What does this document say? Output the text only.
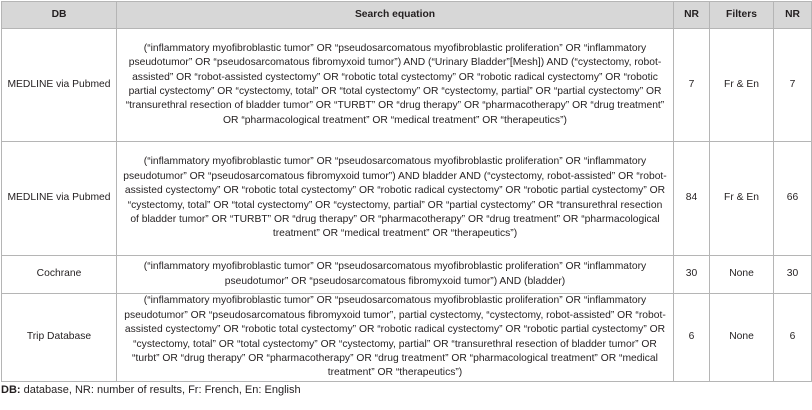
DB	Search equation	NR	Filters	NR
MEDLINE via Pubmed	(“inflammatory myofibroblastic tumor” OR “pseudosarcomatous myofibroblastic proliferation” OR “inflammatory pseudotumor” OR “pseudosarcomatous fibromyxoid tumor”) AND (“Urinary Bladder”[Mesh]) AND (“cystectomy, robot-assisted” OR “robot-assisted cystectomy” OR “robotic total cystectomy” OR “robotic radical cystectomy” OR “robotic partial cystectomy” OR “cystectomy, total” OR “total cystectomy” OR “cystectomy, partial” OR “partial cystectomy” OR “transurethral resection of bladder tumor” OR “TURBT” OR “drug therapy” OR “pharmacotherapy” OR “drug treatment” OR “pharmacological treatment” OR “medical treatment” OR “therapeutics”)	7	Fr & En	7
MEDLINE via Pubmed	(“inflammatory myofibroblastic tumor” OR “pseudosarcomatous myofibroblastic proliferation” OR “inflammatory pseudotumor” OR “pseudosarcomatous fibromyxoid tumor”) AND bladder AND (“cystectomy, robot-assisted” OR “robot-assisted cystectomy” OR “robotic total cystectomy” OR “robotic radical cystectomy” OR “robotic partial cystectomy” OR “cystectomy, total” OR “total cystectomy” OR “cystectomy, partial” OR “partial cystectomy” OR “transurethral resection of bladder tumor” OR “TURBT” OR “drug therapy” OR “pharmacotherapy” OR “drug treatment” OR “pharmacological treatment” OR “medical treatment” OR “therapeutics”)	84	Fr & En	66
Cochrane	(“inflammatory myofibroblastic tumor” OR “pseudosarcomatous myofibroblastic proliferation” OR “inflammatory pseudotumor” OR “pseudosarcomatous fibromyxoid tumor”) AND (bladder)	30	None	30
Trip Database	(“inflammatory myofibroblastic tumor” OR “pseudosarcomatous myofibroblastic proliferation” OR “inflammatory pseudotumor” OR “pseudosarcomatous fibromyxoid tumor”, partial cystectomy, “cystectomy, robot-assisted” OR “robot-assisted cystectomy” OR “robotic total cystectomy” OR “robotic radical cystectomy” OR “robotic partial cystectomy” OR “cystectomy, total” OR “total cystectomy” OR “cystectomy, partial” OR “transurethral resection of bladder tumor” OR “turbt” OR “drug therapy” OR “pharmacotherapy” OR “drug treatment” OR “pharmacological treatment” OR “medical treatment” OR “therapeutics”)	6	None	6
DB: database, NR: number of results, Fr: French, En: English
